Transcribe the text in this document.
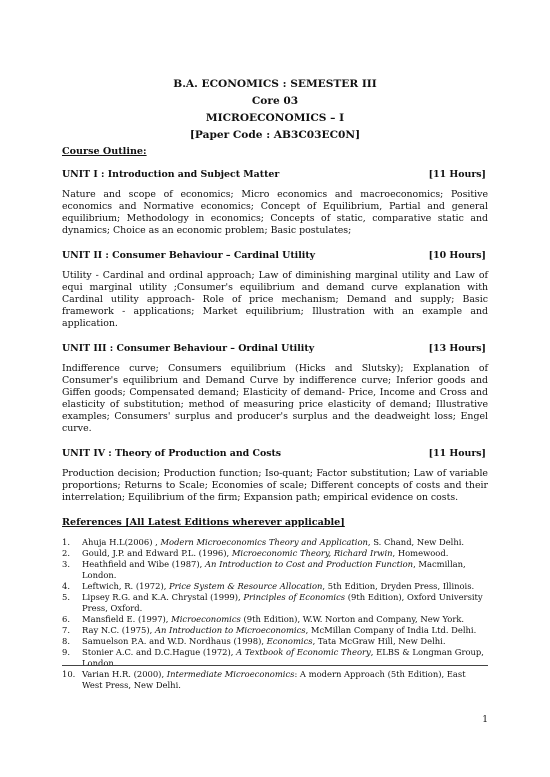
B.A. ECONOMICS : SEMESTER III
Core 03
MICROECONOMICS – I
[Paper Code : AB3C03EC0N]
Course Outline:
UNIT I : Introduction and Subject Matter	[11 Hours]

Nature and scope of economics; Micro economics and macroeconomics; Positive economics and Normative economics; Concept of Equilibrium, Partial and general equilibrium; Methodology in economics; Concepts of static, comparative static and dynamics; Choice as an economic problem; Basic postulates;

UNIT II : Consumer Behaviour – Cardinal Utility	[10 Hours]

Utility - Cardinal and ordinal approach; Law of diminishing marginal utility and Law of equi marginal utility ;Consumer's equilibrium and demand curve explanation with Cardinal utility approach- Role of price mechanism; Demand and supply; Basic framework - applications; Market equilibrium; Illustration with an example and application.

UNIT III : Consumer Behaviour – Ordinal Utility	[13 Hours]

Indifference curve; Consumers equilibrium (Hicks and Slutsky); Explanation of Consumer's equilibrium and Demand Curve by indifference curve; Inferior goods and Giffen goods; Compensated demand; Elasticity of demand- Price, Income and Cross and elasticity of substitution; method of measuring price elasticity of demand; Illustrative examples; Consumers' surplus and producer's surplus and the deadweight loss; Engel curve.

UNIT IV : Theory of Production and Costs	[11 Hours]

Production decision; Production function; Iso-quant; Factor substitution; Law of variable proportions; Returns to Scale; Economies of scale; Different concepts of costs and their interrelation; Equilibrium of the firm; Expansion path; empirical evidence on costs.

References [All Latest Editions wherever applicable]
1.	Ahuja H.L(2006) , Modern Microeconomics Theory and Application, S. Chand, New Delhi.
2.	Gould, J.P. and Edward P.L. (1996), Microeconomic Theory, Richard Irwin, Homewood.
3.	Heathfield and Wibe (1987), An Introduction to Cost and Production Function, Macmillan, London.
4.	Leftwich, R. (1972), Price System & Resource Allocation, 5th Edition, Dryden Press, Illinois.
5.	Lipsey R.G. and K.A. Chrystal (1999), Principles of Economics (9th Edition), Oxford University Press, Oxford.
6.	Mansfield E. (1997), Microeconomics (9th Edition), W.W. Norton and Company, New York.
7.	Ray N.C. (1975), An Introduction to Microeconomics, McMillan Company of India Ltd. Delhi.
8.	Samuelson P.A. and W.D. Nordhaus (1998), Economics, Tata McGraw Hill, New Delhi.
9.	Stonier A.C. and D.C.Hague (1972), A Textbook of Economic Theory, ELBS & Longman Group, London.
10. Varian H.R. (2000), Intermediate Microeconomics: A modern Approach (5th Edition), East West Press, New Delhi.
1
